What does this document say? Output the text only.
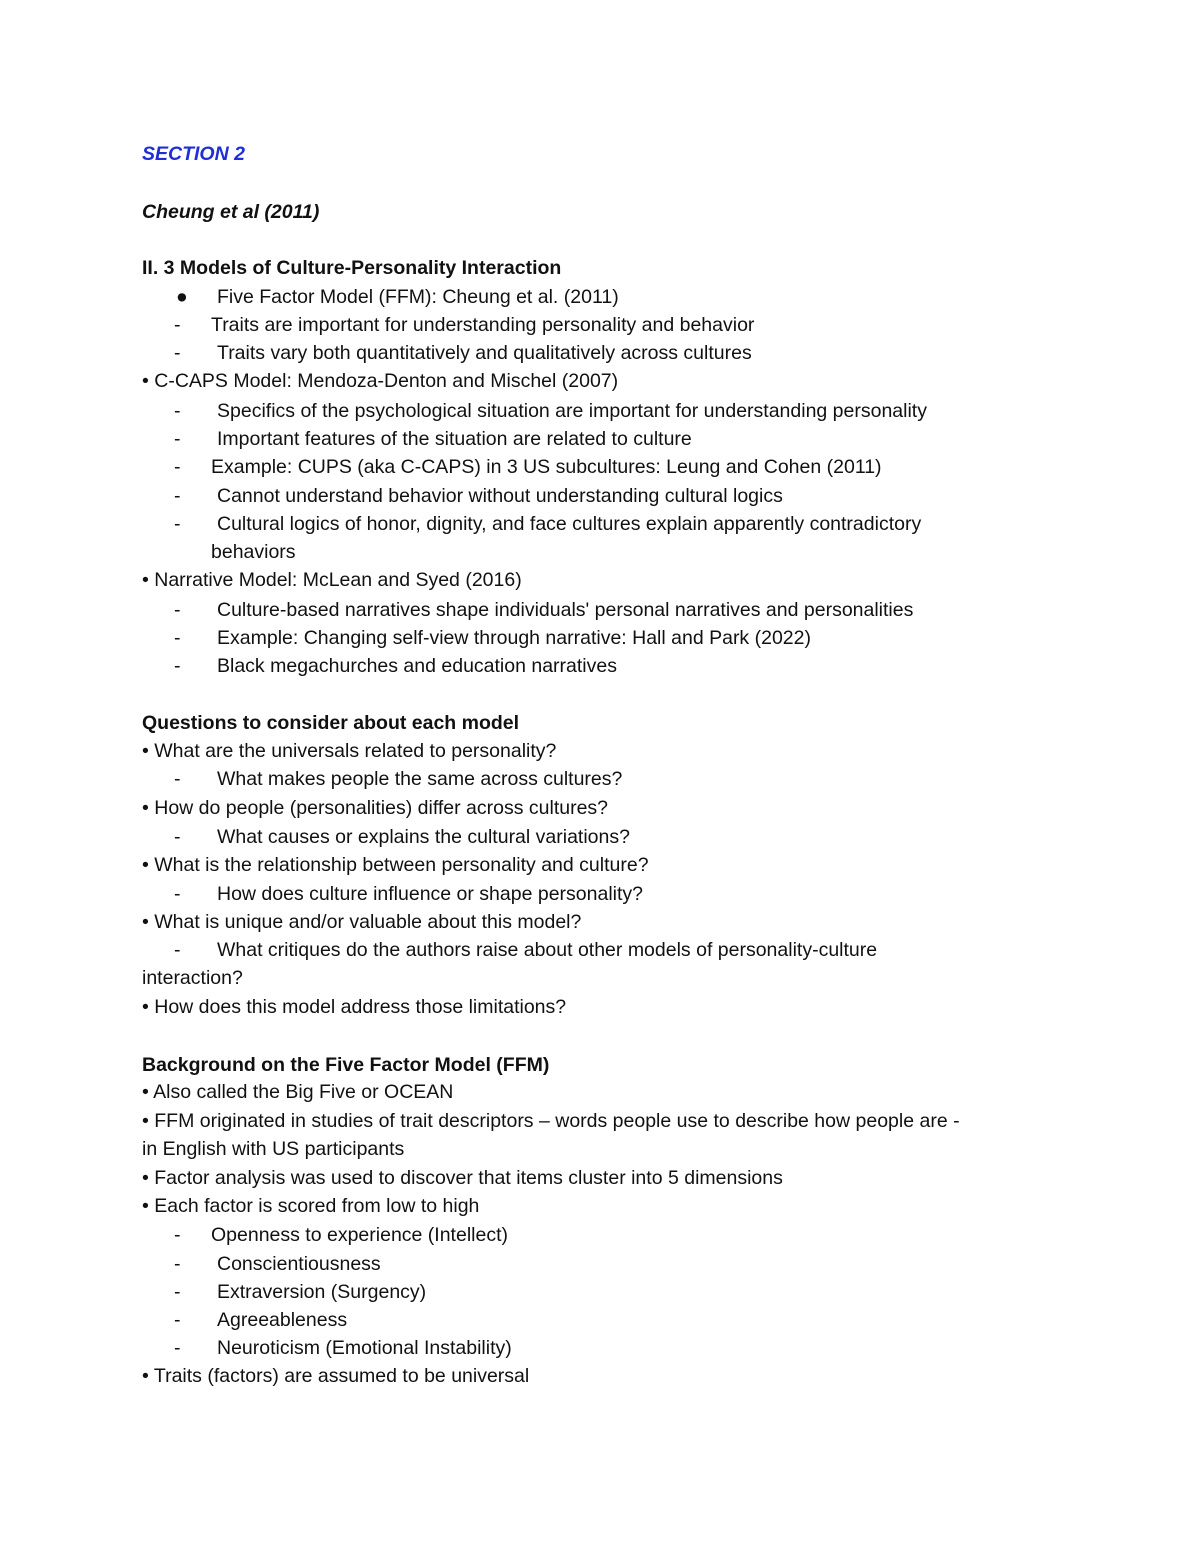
SECTION 2
Cheung et al (2011)
II. 3 Models of Culture-Personality Interaction
● Five Factor Model (FFM): Cheung et al. (2011)
- Traits are important for understanding personality and behavior
- Traits vary both quantitatively and qualitatively across cultures
• C-CAPS Model: Mendoza-Denton and Mischel (2007)
- Specifics of the psychological situation are important for understanding personality
- Important features of the situation are related to culture
- Example: CUPS (aka C-CAPS) in 3 US subcultures: Leung and Cohen (2011)
- Cannot understand behavior without understanding cultural logics
- Cultural logics of honor, dignity, and face cultures explain apparently contradictory
behaviors
• Narrative Model: McLean and Syed (2016)
- Culture-based narratives shape individuals' personal narratives and personalities
- Example: Changing self-view through narrative: Hall and Park (2022)
- Black megachurches and education narratives
Questions to consider about each model
• What are the universals related to personality?
- What makes people the same across cultures?
• How do people (personalities) differ across cultures?
- What causes or explains the cultural variations?
• What is the relationship between personality and culture?
- How does culture influence or shape personality?
• What is unique and/or valuable about this model?
- What critiques do the authors raise about other models of personality-culture
interaction?
• How does this model address those limitations?
Background on the Five Factor Model (FFM)
• Also called the Big Five or OCEAN
• FFM originated in studies of trait descriptors – words people use to describe how people are -
in English with US participants
• Factor analysis was used to discover that items cluster into 5 dimensions
• Each factor is scored from low to high
- Openness to experience (Intellect)
- Conscientiousness
- Extraversion (Surgency)
- Agreeableness
- Neuroticism (Emotional Instability)
• Traits (factors) are assumed to be universal
